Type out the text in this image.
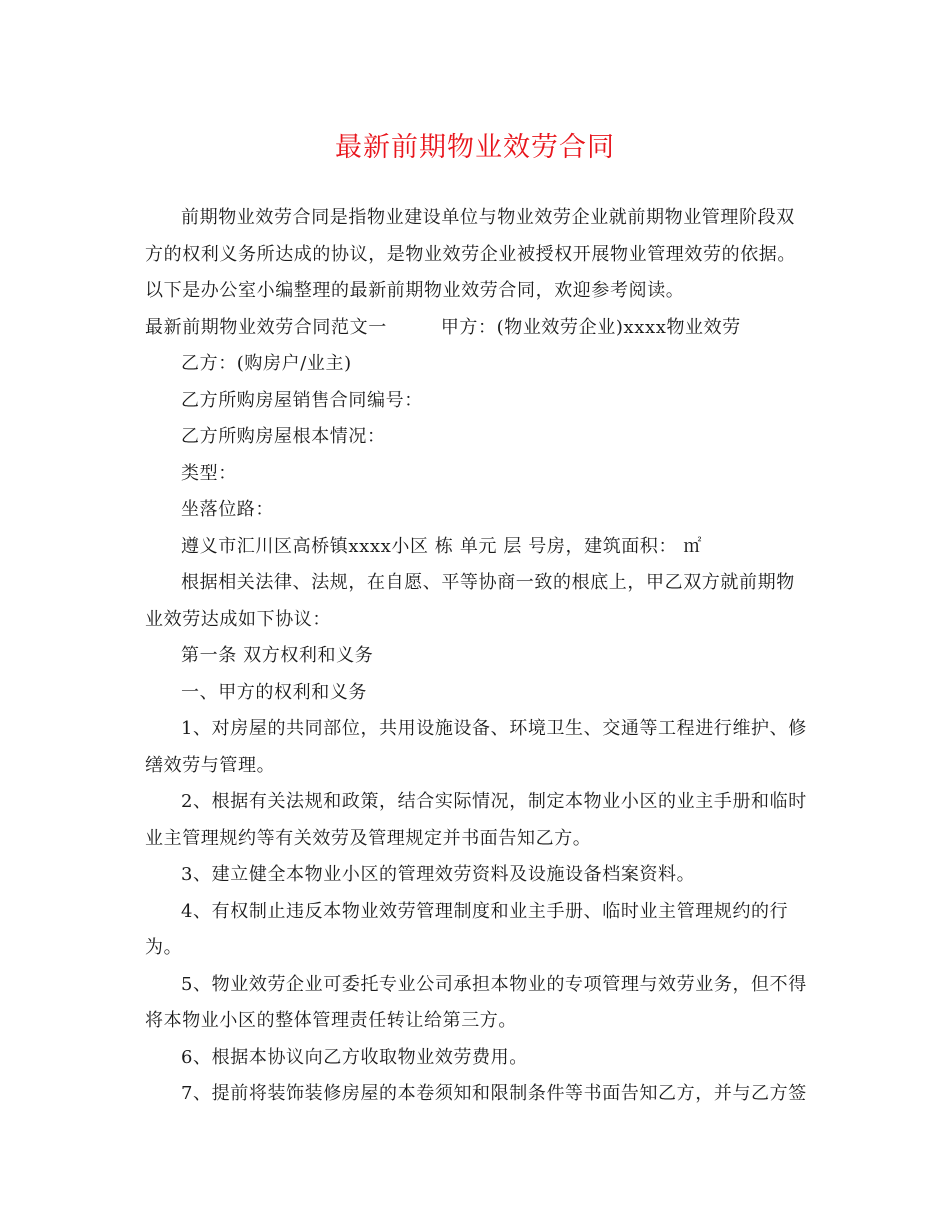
最新前期物业效劳合同

前期物业效劳合同是指物业建设单位与物业效劳企业就前期物业管理阶段双方的权利义务所达成的协议，是物业效劳企业被授权开展物业管理效劳的依据。以下是办公室小编整理的最新前期物业效劳合同，欢迎参考阅读。

最新前期物业效劳合同范文一	甲方：(物业效劳企业)xxxx物业效劳

乙方：(购房户/业主)

乙方所购房屋销售合同编号：

乙方所购房屋根本情况：

类型：

坐落位路：

遵义市汇川区高桥镇xxxx小区 栋 单元 层 号房，建筑面积： ㎡

根据相关法律、法规，在自愿、平等协商一致的根底上，甲乙双方就前期物业效劳达成如下协议：

第一条 双方权利和义务

一、甲方的权利和义务

1、对房屋的共同部位，共用设施设备、环境卫生、交通等工程进行维护、修缮效劳与管理。

2、根据有关法规和政策，结合实际情况，制定本物业小区的业主手册和临时业主管理规约等有关效劳及管理规定并书面告知乙方。

3、建立健全本物业小区的管理效劳资料及设施设备档案资料。

4、有权制止违反本物业效劳管理制度和业主手册、临时业主管理规约的行为。

5、物业效劳企业可委托专业公司承担本物业的专项管理与效劳业务，但不得将本物业小区的整体管理责任转让给第三方。

6、根据本协议向乙方收取物业效劳费用。

7、提前将装饰装修房屋的本卷须知和限制条件等书面告知乙方，并与乙方签
